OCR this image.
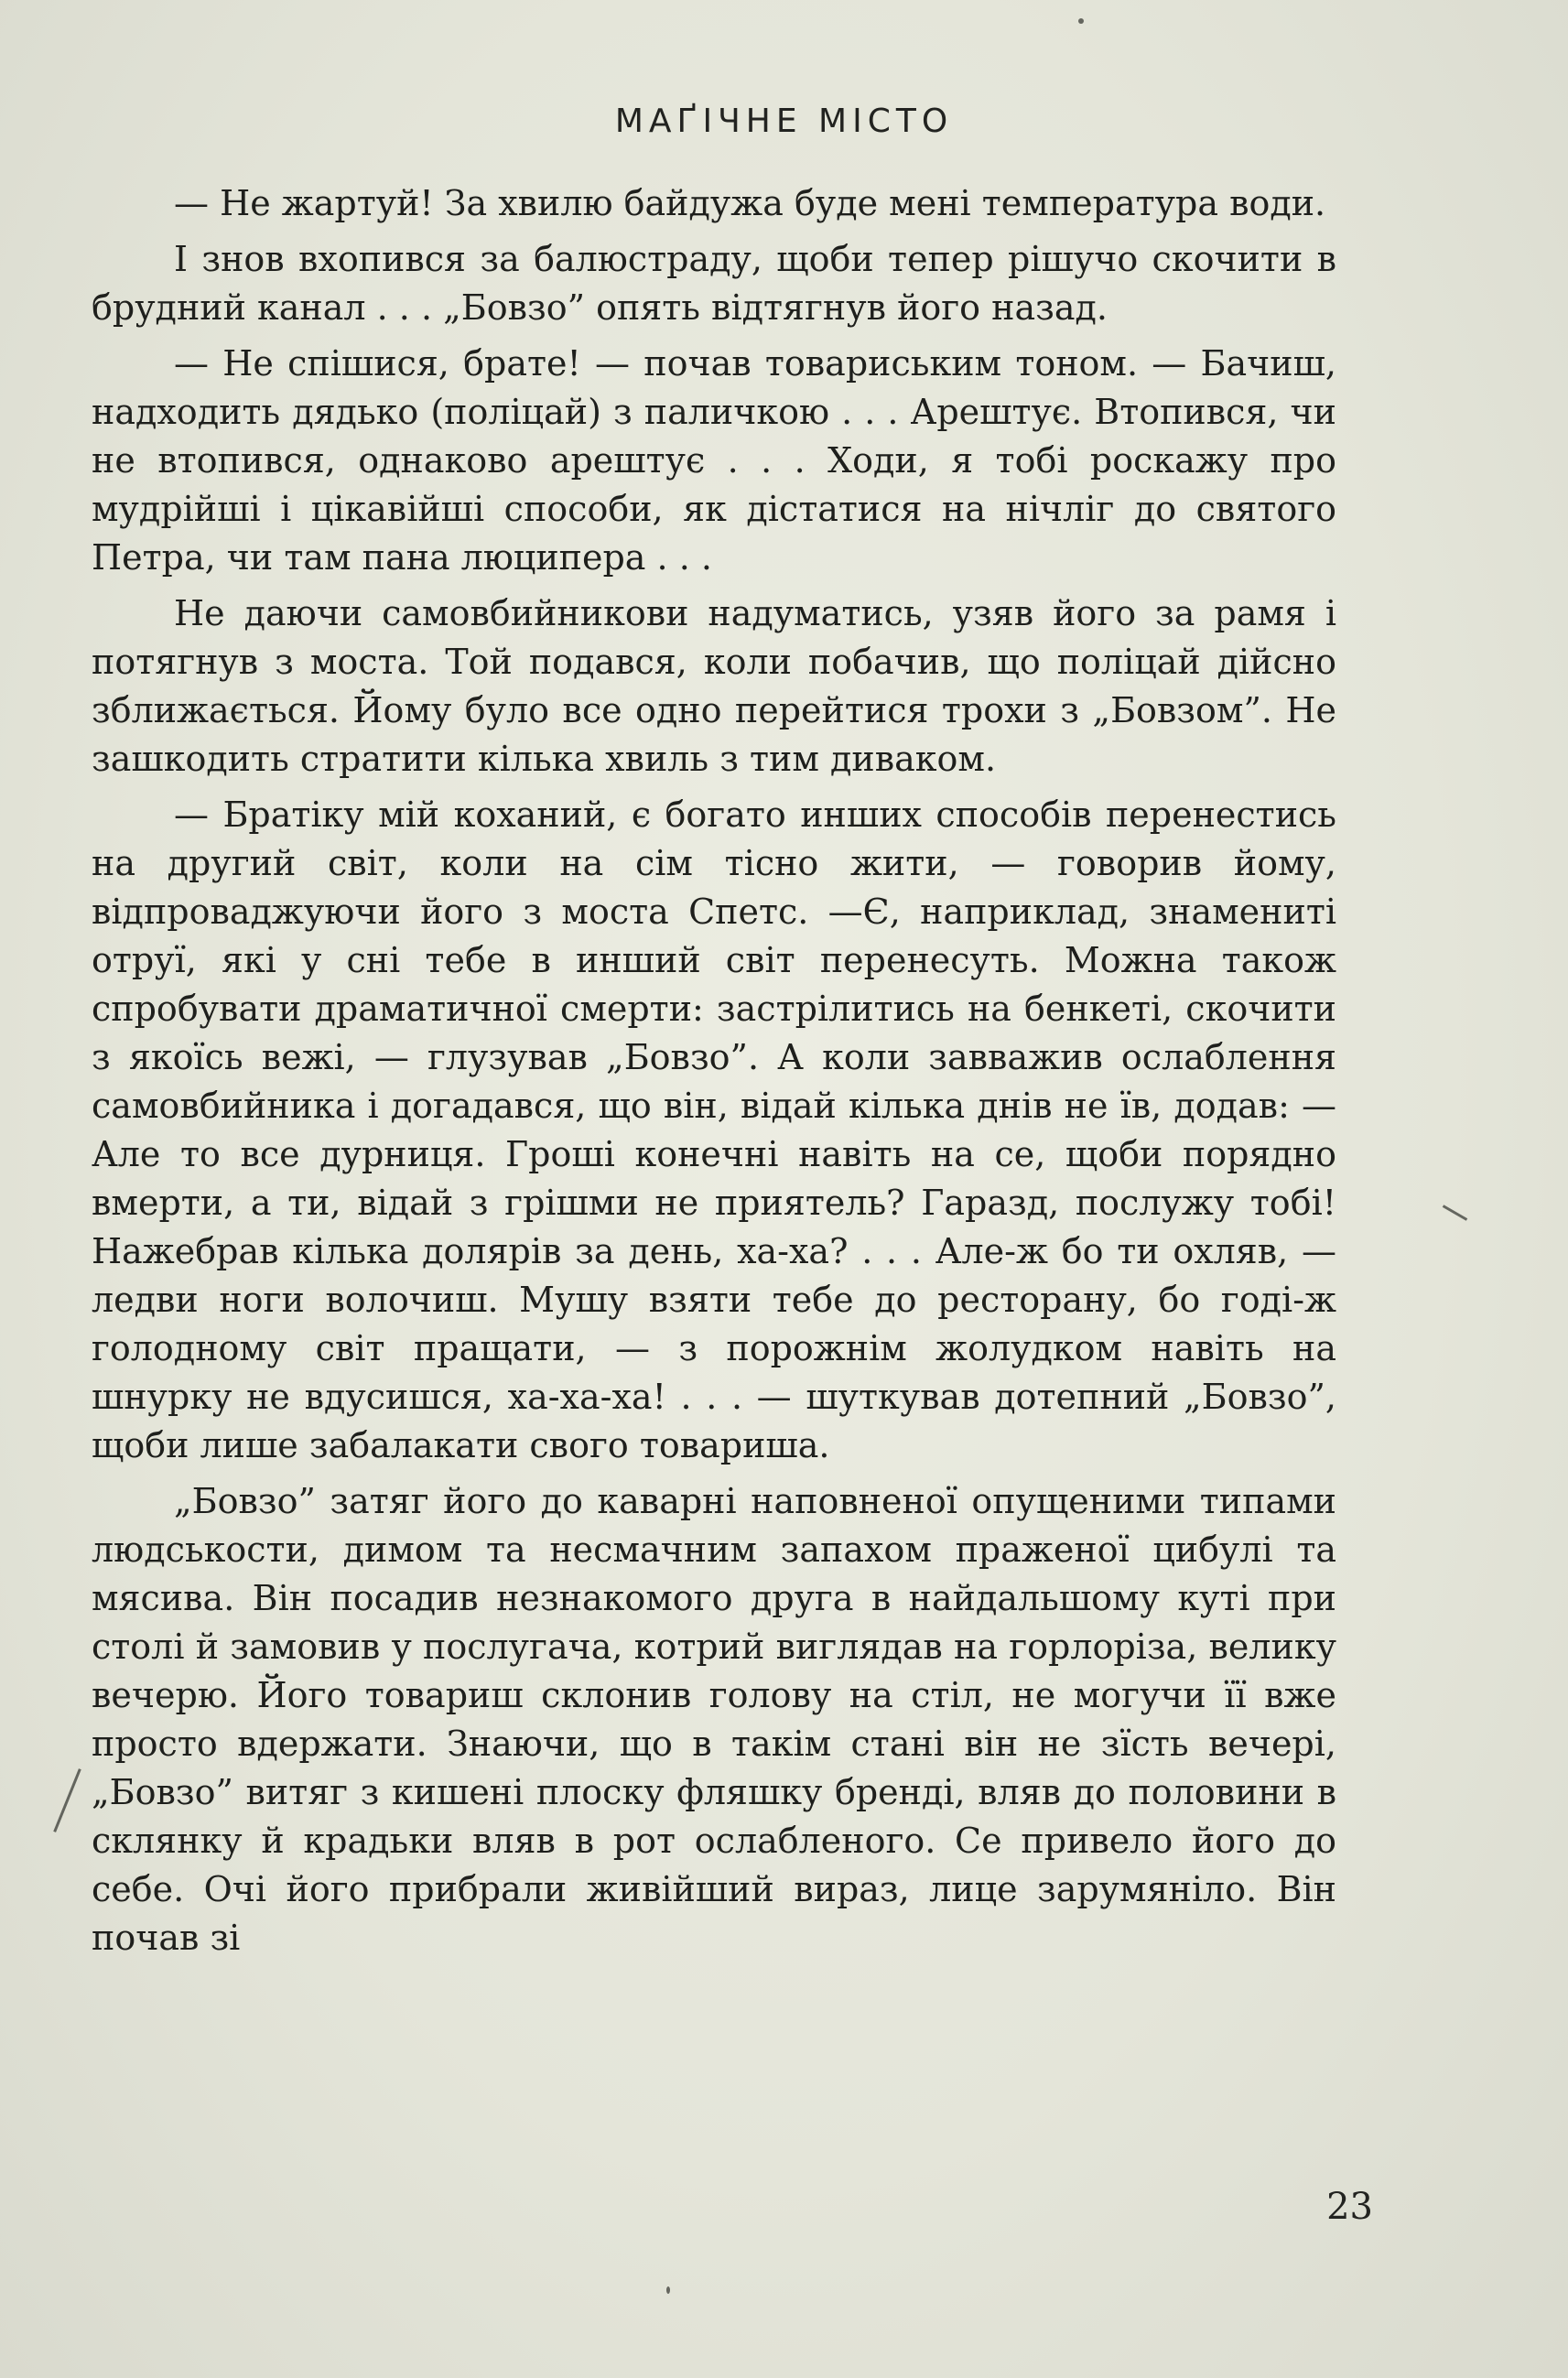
МАҐІЧНЕ МІСТО

— Не жартуй! За хвилю байдужа буде мені температура води.

І знов вхопився за балюстраду, щоби тепер рішучо скочити в брудний канал . . . „Бовзо” опять відтягнув його назад.

— Не спішися, брате! — почав товариським тоном. — Бачиш, надходить дядько (поліцай) з паличкою . . . Арештує. Втопився, чи не втопився, однаково арештує . . . Ходи, я тобі роскажу про мудрійші і цікавійші способи, як дістатися на нічліг до святого Петра, чи там пана люципера . . .

Не даючи самовбийникови надуматись, узяв його за рамя і потягнув з моста. Той подався, коли побачив, що поліцай дійсно зближається. Йому було все одно перейтися трохи з „Бовзом”. Не зашкодить стратити кілька хвиль з тим диваком.

— Братіку мій коханий, є богато инших способів перенестись на другий світ, коли на сім тісно жити, — говорив йому, відпроваджуючи його з моста Спетс. —Є, наприклад, знамениті отруї, які у сні тебе в инший світ перенесуть. Можна також спробувати драматичної смерти: застрілитись на бенкеті, скочити з якоїсь вежі, — глузував „Бовзо”. А коли завважив ослаблення самовбийника і догадався, що він, відай кілька днів не їв, додав: — Але то все дурниця. Гроші конечні навіть на се, щоби порядно вмерти, а ти, відай з грішми не приятель? Гаразд, послужу тобі! Нажебрав кілька долярів за день, ха-ха? . . . Але-ж бо ти охляв, — ледви ноги волочиш. Мушу взяти тебе до ресторану, бо годі-ж голодному світ пращати, — з порожнім жолудком навіть на шнурку не вдусишся, ха-ха-ха! . . . — шуткував дотепний „Бовзо”, щоби лише забалакати свого товариша.

„Бовзо” затяг його до каварні наповненої опущеними типами людськости, димом та несмачним запахом праженої цибулі та мясива. Він посадив незнакомого друга в найдальшому куті при столі й замовив у послугача, котрий виглядав на горлоріза, велику вечерю. Його товариш склонив голову на стіл, не могучи її вже просто вдержати. Знаючи, що в такім стані він не зїсть вечері, „Бовзо” витяг з кишені плоску фляшку бренді, вляв до половини в склянку й крадьки вляв в рот ослабленого. Се привело його до себе. Очі його прибрали живійший вираз, лице зарумяніло. Він почав зі

23
